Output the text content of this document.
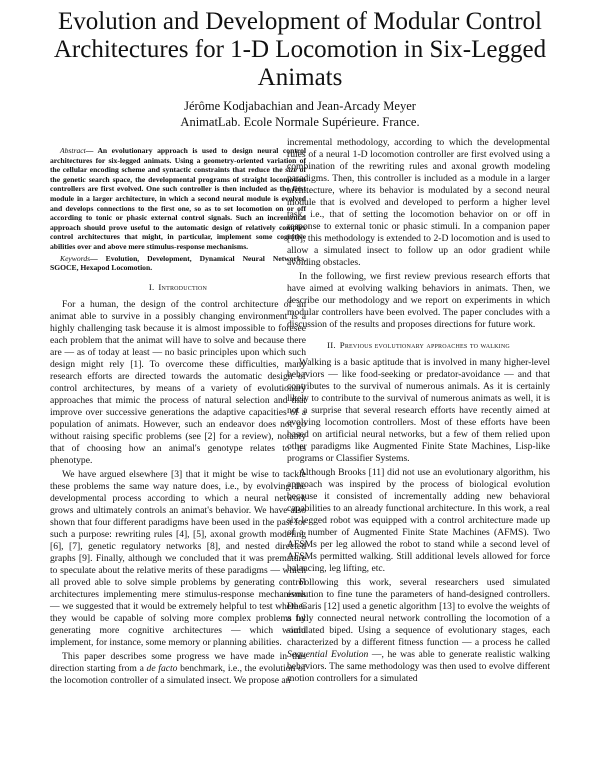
Evolution and Development of Modular Control
Architectures for 1-D Locomotion in Six-Legged
Animats
Jérôme Kodjabachian and Jean-Arcady Meyer
AnimatLab. Ecole Normale Supérieure. France.

Abstract— An evolutionary approach is used to design neural control architectures for six-legged animats. Using a geometry-oriented variation of the cellular encoding scheme and syntactic constraints that reduce the size of the genetic search space, the developmental programs of straight locomotion controllers are first evolved. One such controller is then included as the first module in a larger architecture, in which a second neural module is evolved and develops connections to the first one, so as to set locomotion on or off according to tonic or phasic external control signals. Such an incremental approach should prove useful to the automatic design of relatively complex control architectures that might, in particular, implement some cognitive abilities over and above mere stimulus-response mechanisms.

Keywords— Evolution, Development, Dynamical Neural Networks, SGOCE, Hexapod Locomotion.

I. Introduction

For a human, the design of the control architecture of an animat able to survive in a possibly changing environment is a highly challenging task because it is almost impossible to foresee each problem that the animat will have to solve and because there are — as of today at least — no basic principles upon which such design might rely [1]. To overcome these difficulties, many research efforts are directed towards the automatic design of control architectures, by means of a variety of evolutionary approaches that mimic the process of natural selection and that improve over successive generations the adaptive capacities of a population of animats. However, such an endeavor does not go without raising specific problems (see [2] for a review), notably that of choosing how an animal's genotype relates to its phenotype.

We have argued elsewhere [3] that it might be wise to tackle these problems the same way nature does, i.e., by evolving the developmental process according to which a neural network grows and ultimately controls an animat's behavior. We have also shown that four different paradigms have been used in the past for such a purpose: rewriting rules [4], [5], axonal growth modeling [6], [7], genetic regulatory networks [8], and nested directed graphs [9]. Finally, although we concluded that it was premature to speculate about the relative merits of these paradigms — which all proved able to solve simple problems by generating control architectures implementing mere stimulus-response mechanisms — we suggested that it would be extremely helpful to test whether they would be capable of solving more complex problems by generating more cognitive architectures — which would implement, for instance, some memory or planning abilities.

This paper describes some progress we have made in this direction starting from a de facto benchmark, i.e., the evolution of the locomotion controller of a simulated insect. We propose an

incremental methodology, according to which the developmental rules of a neural 1-D locomotion controller are first evolved using a combination of the rewriting rules and axonal growth modeling paradigms. Then, this controller is included as a module in a larger architecture, where its behavior is modulated by a second neural module that is evolved and developed to perform a higher level task, i.e., that of setting the locomotion behavior on or off in response to external tonic or phasic stimuli. In a companion paper [10], this methodology is extended to 2-D locomotion and is used to allow a simulated insect to follow up an odor gradient while avoiding obstacles.

In the following, we first review previous research efforts that have aimed at evolving walking behaviors in animats. Then, we describe our methodology and we report on experiments in which modular controllers have been evolved. The paper concludes with a discussion of the results and proposes directions for future work.

II. Previous evolutionary approaches to walking

Walking is a basic aptitude that is involved in many higher-level behaviors — like food-seeking or predator-avoidance — and that contributes to the survival of numerous animals. As it is certainly likely to contribute to the survival of numerous animats as well, it is not a surprise that several research efforts have recently aimed at evolving locomotion controllers. Most of these efforts have been based on artificial neural networks, but a few of them relied upon other paradigms like Augmented Finite State Machines, Lisp-like programs or Classifier Systems.

Although Brooks [11] did not use an evolutionary algorithm, his approach was inspired by the process of biological evolution because it consisted of incrementally adding new behavioral capabilities to an already functional architecture. In this work, a real six-legged robot was equipped with a control architecture made up of a number of Augmented Finite State Machines (AFMS). Two AFSMs per leg allowed the robot to stand while a second level of AFSMs permitted walking. Still additional levels allowed for force balancing, leg lifting, etc.

Following this work, several researchers used simulated evolution to fine tune the parameters of hand-designed controllers. De Garis [12] used a genetic algorithm [13] to evolve the weights of a fully connected neural network controlling the locomotion of a simulated biped. Using a sequence of evolutionary stages, each characterized by a different fitness function — a process he called Sequential Evolution —, he was able to generate realistic walking behaviors. The same methodology was then used to evolve different motion controllers for a simulated
